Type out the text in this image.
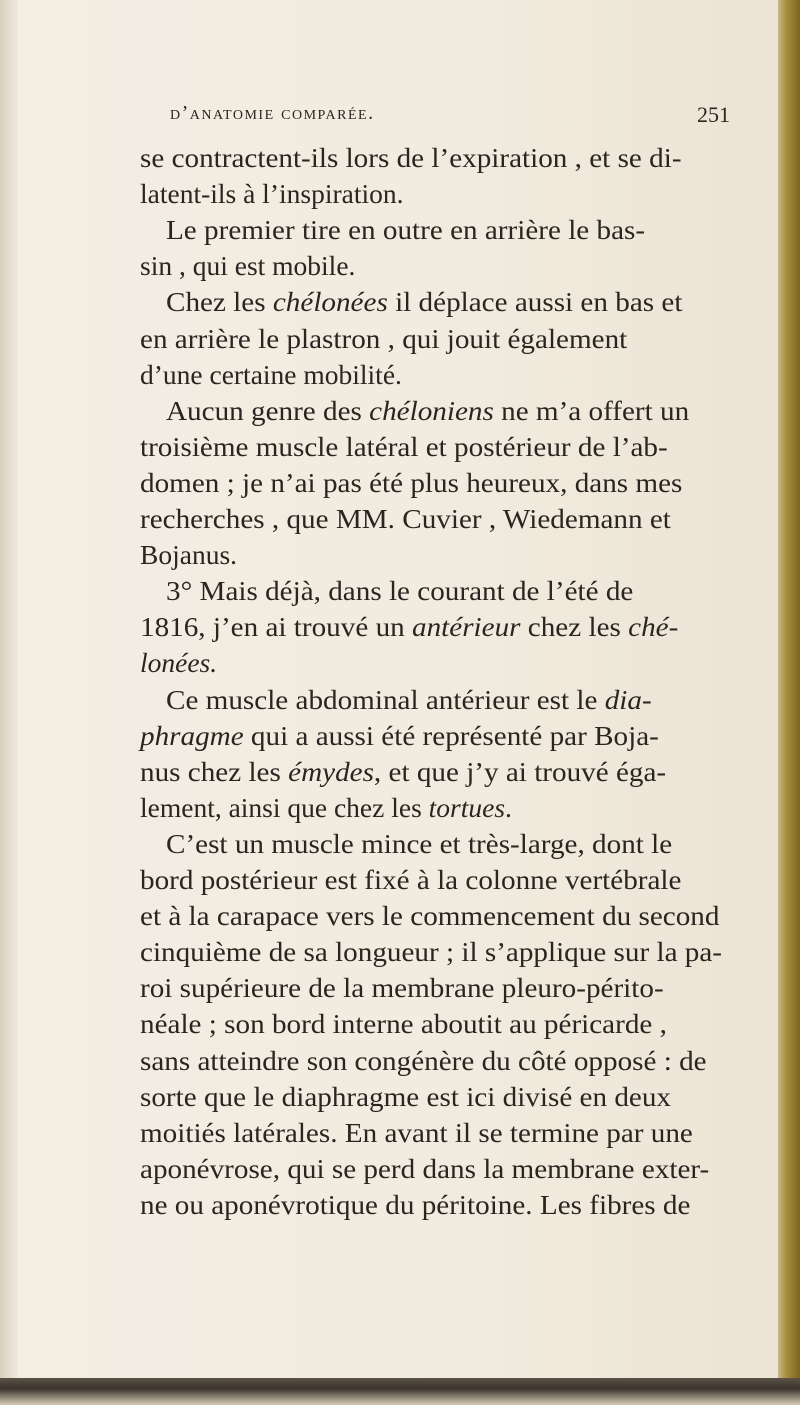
d’anatomie comparée.	251
se contractent-ils lors de l’expiration , et se di-
latent-ils à l’inspiration.
Le premier tire en outre en arrière le bas-
sin , qui est mobile.
Chez les chélonées il déplace aussi en bas et
en arrière le plastron , qui jouit également
d’une certaine mobilité.
Aucun genre des chéloniens ne m’a offert un
troisième muscle latéral et postérieur de l’ab-
domen ; je n’ai pas été plus heureux, dans mes
recherches , que MM. Cuvier , Wiedemann et
Bojanus.
3° Mais déjà, dans le courant de l’été de
1816, j’en ai trouvé un antérieur chez les ché-
lonées.
Ce muscle abdominal antérieur est le dia-
phragme qui a aussi été représenté par Boja-
nus chez les émydes, et que j’y ai trouvé éga-
lement, ainsi que chez les tortues.
C’est un muscle mince et très-large, dont le
bord postérieur est fixé à la colonne vertébrale
et à la carapace vers le commencement du second
cinquième de sa longueur ; il s’applique sur la pa-
roi supérieure de la membrane pleuro-périto-
néale ; son bord interne aboutit au péricarde ,
sans atteindre son congénère du côté opposé : de
sorte que le diaphragme est ici divisé en deux
moitiés latérales. En avant il se termine par une
aponévrose, qui se perd dans la membrane exter-
ne ou aponévrotique du péritoine. Les fibres de
